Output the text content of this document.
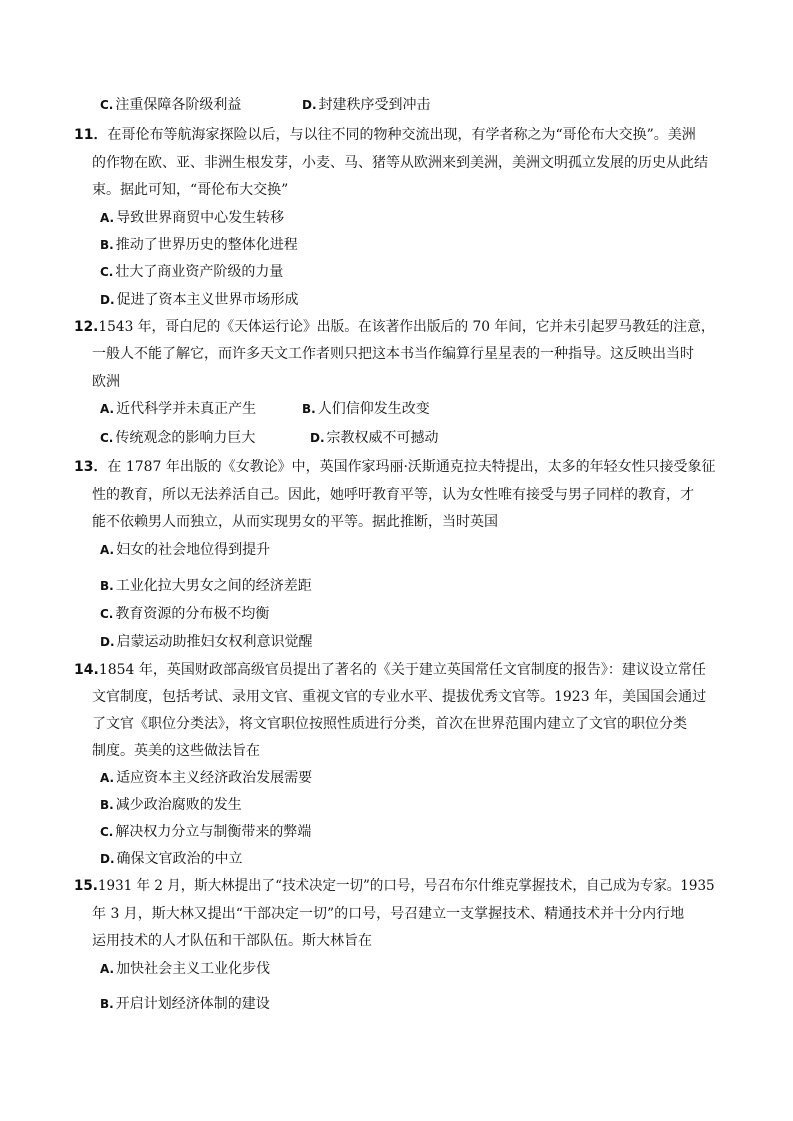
C. 注重保障各阶级利益	D. 封建秩序受到冲击
11．在哥伦布等航海家探险以后，与以往不同的物种交流出现，有学者称之为“哥伦布大交换”。美洲
的作物在欧、亚、非洲生根发芽，小麦、马、猪等从欧洲来到美洲，美洲文明孤立发展的历史从此结
束。据此可知，“哥伦布大交换”
A. 导致世界商贸中心发生转移
B. 推动了世界历史的整体化进程
C. 壮大了商业资产阶级的力量
D. 促进了资本主义世界市场形成
12.1543 年，哥白尼的《天体运行论》出版。在该著作出版后的 70 年间，它并未引起罗马教廷的注意，
一般人不能了解它，而许多天文工作者则只把这本书当作编算行星星表的一种指导。这反映出当时
欧洲
A. 近代科学并未真正产生	B. 人们信仰发生改变
C. 传统观念的影响力巨大	D. 宗教权威不可撼动
13．在 1787 年出版的《女教论》中，英国作家玛丽·沃斯通克拉夫特提出，太多的年轻女性只接受象征
性的教育，所以无法养活自己。因此，她呼吁教育平等，认为女性唯有接受与男子同样的教育，才
能不依赖男人而独立，从而实现男女的平等。据此推断，当时英国
A. 妇女的社会地位得到提升
B. 工业化拉大男女之间的经济差距
C. 教育资源的分布极不均衡
D. 启蒙运动助推妇女权利意识觉醒
14.1854 年，英国财政部高级官员提出了著名的《关于建立英国常任文官制度的报告》：建议设立常任
文官制度，包括考试、录用文官、重视文官的专业水平、提拔优秀文官等。1923 年，美国国会通过
了文官《职位分类法》，将文官职位按照性质进行分类，首次在世界范围内建立了文官的职位分类
制度。英美的这些做法旨在
A. 适应资本主义经济政治发展需要
B. 减少政治腐败的发生
C. 解决权力分立与制衡带来的弊端
D. 确保文官政治的中立
15.1931 年 2 月，斯大林提出了“技术决定一切”的口号，号召布尔什维克掌握技术，自己成为专家。1935
年 3 月，斯大林又提出“干部决定一切”的口号，号召建立一支掌握技术、精通技术并十分内行地
运用技术的人才队伍和干部队伍。斯大林旨在
A. 加快社会主义工业化步伐
B. 开启计划经济体制的建设
